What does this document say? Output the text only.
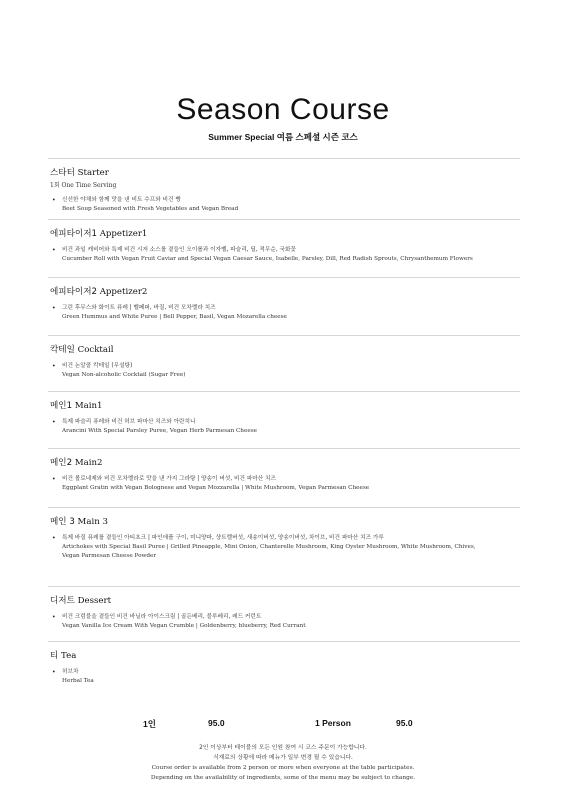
Season Course
Summer Special 여름 스페셜 시즌 코스
스타터 Starter
1회 One Time Serving
• 신선한 야채와 함께 맛을 낸 비트 수프와 비건 빵
Beet Soup Seasoned with Fresh Vegetables and Vegan Bread
에피타이저1 Appetizer1
• 비건 과일 캐비어와 특제 비건 시저 소스를 곁들인 오이롤과 이자벨, 파슬리, 딜, 적무순, 국화꽃
Cucumber Roll with Vegan Fruit Caviar and Special Vegan Caesar Sauce, Isabelle, Parsley, Dill, Red Radish Sprouts, Chrysanthemum Flowers
에피타이저2 Appetizer2
• 그린 후무스와 화이트 퓨레 | 벨페퍼, 바질, 비건 모차렐라 치즈
Green Hummus and White Puree | Bell Pepper, Basil, Vegan Mozarella cheese
칵테일 Cocktail
• 비건 논알콜 칵테일 (무설탕)
Vegan Non-alcoholic Cocktail (Sugar Free)
메인1 Main1
• 특제 파슬리 퓨레와 비건 허브 파마산 치즈와 아란치니
Arancini With Special Parsley Puree, Vegan Herb Parmesan Cheese
메인2 Main2
• 비건 볼로네제와 비건 모차렐라로 맛을 낸 가지 그라탕 | 양송이 버섯, 비건 파마산 치즈
Eggplant Gratin with Vegan Bolognese and Vegan Mozzarella | White Mushroom, Vegan Parmesan Cheese
메인 3 Main 3
• 특제 바질 퓨레를 곁들인 아티초크 | 파인애플 구이, 미니양파, 샹트렐버섯, 새송이버섯, 양송이버섯, 차이브, 비건 파마산 치즈 가루
Artichokes with Special Basil Puree | Grilled Pineapple, Mini Onion, Chanterelle Mushroom, King Oyster Mushroom, White Mushroom, Chives,
Vegan Parmesan Cheese Powder
디저트 Dessert
• 비건 크럼블을 곁들인 비건 바닐라 아이스크림 | 골든베리, 블루베리, 레드 커런트
Vegan Vanilla Ice Cream With Vegan Crumble | Goldenberry, blueberry, Red Currant
티 Tea
• 허브차
Herbal Tea
1인	95.0	1 Person	95.0
2인 이상부터 테이블의 모든 인원 참여 시 코스 주문이 가능합니다.
식재료의 상황에 따라 메뉴가 일부 변경 될 수 있습니다.
Course order is available from 2 person or more when everyone at the table participates.
Depending on the availability of ingredients, some of the menu may be subject to change.
